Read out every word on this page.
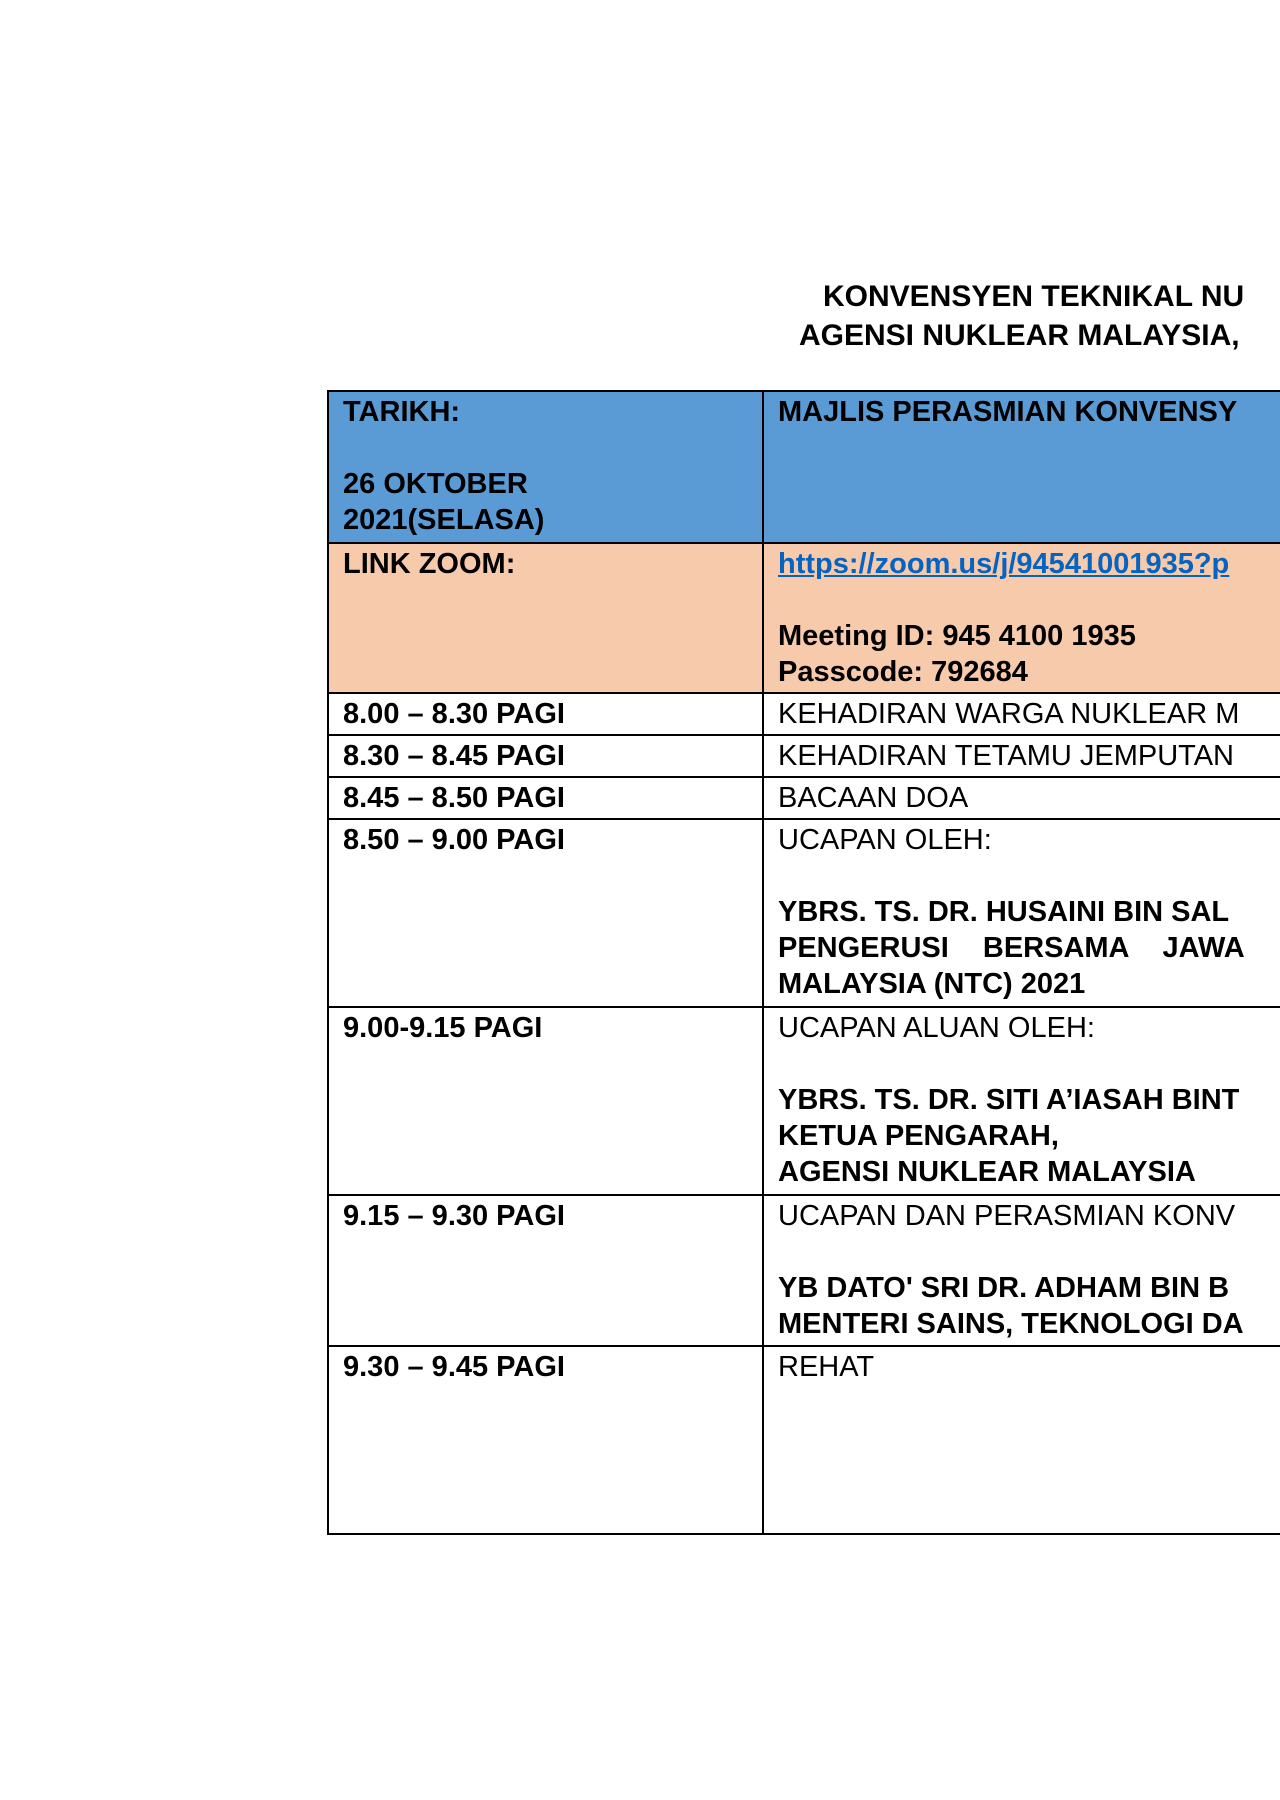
KONVENSYEN TEKNIKAL NU
AGENSI NUKLEAR MALAYSIA,
TARIKH:
26 OKTOBER
2021(SELASA)	MAJLIS PERASMIAN KONVENSY

LINK ZOOM:	https://zoom.us/j/94541001935?p
Meeting ID: 945 4100 1935
Passcode: 792684

8.00 – 8.30 PAGI	KEHADIRAN WARGA NUKLEAR M
8.30 – 8.45 PAGI	KEHADIRAN TETAMU JEMPUTAN
8.45 – 8.50 PAGI	BACAAN DOA
8.50 – 9.00 PAGI	UCAPAN OLEH:
YBRS. TS. DR. HUSAINI BIN SAL
PENGERUSI BERSAMA JAWA
MALAYSIA (NTC) 2021

9.00-9.15 PAGI	UCAPAN ALUAN OLEH:
YBRS. TS. DR. SITI A’IASAH BINT
KETUA PENGARAH,
AGENSI NUKLEAR MALAYSIA

9.15 – 9.30 PAGI	UCAPAN DAN PERASMIAN KONV
YB DATO' SRI DR. ADHAM BIN B
MENTERI SAINS, TEKNOLOGI DA

9.30 – 9.45 PAGI	REHAT
